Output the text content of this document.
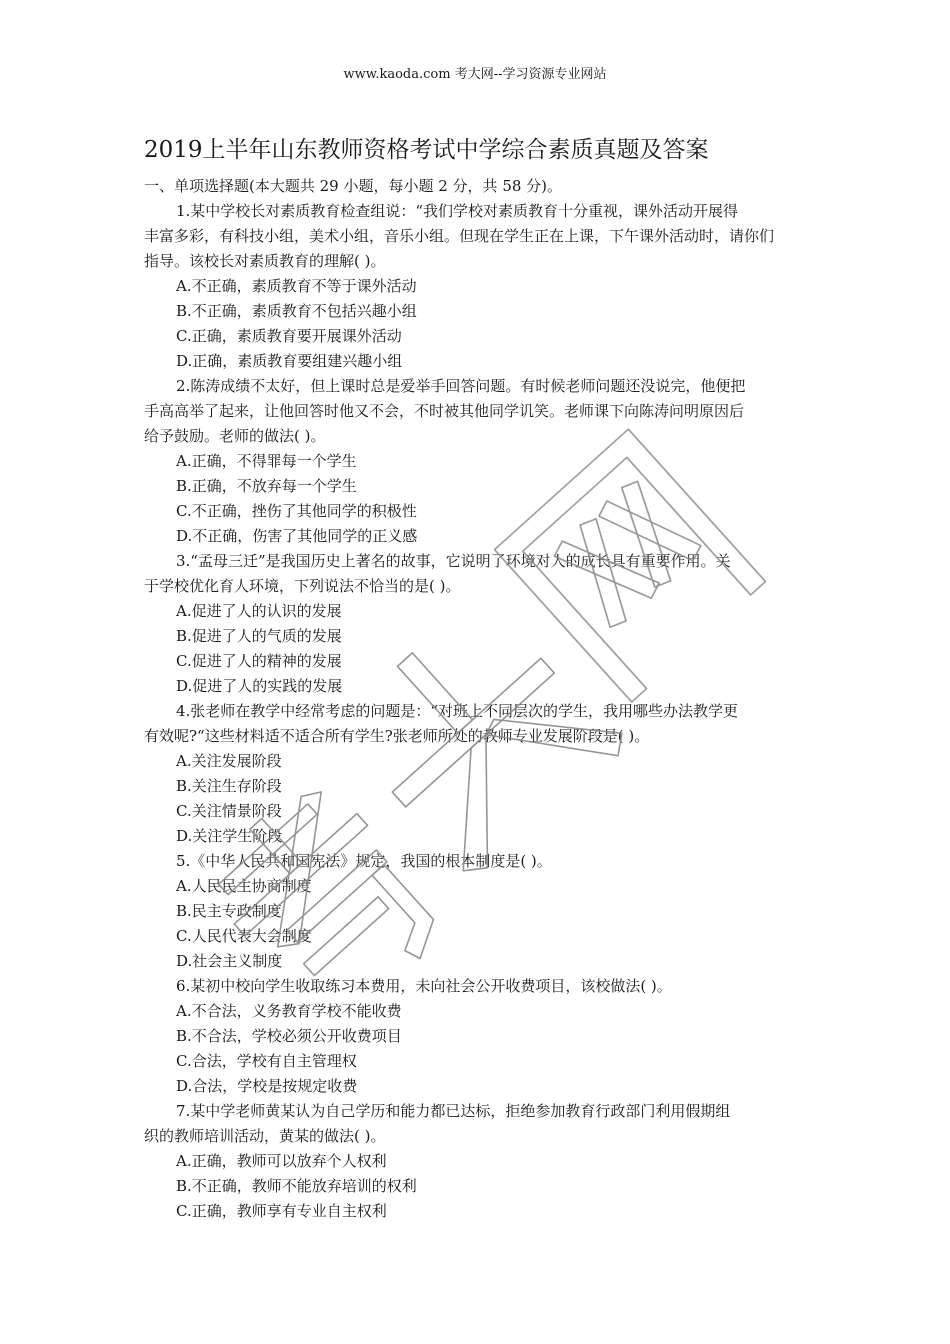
www.kaoda.com 考大网--学习资源专业网站
2019上半年山东教师资格考试中学综合素质真题及答案
一、单项选择题(本大题共 29 小题，每小题 2 分，共 58 分)。
1.某中学校长对素质教育检查组说：“我们学校对素质教育十分重视，课外活动开展得
丰富多彩，有科技小组，美术小组，音乐小组。但现在学生正在上课，下午课外活动时，请你们
指导。该校长对素质教育的理解( )。
A.不正确，素质教育不等于课外活动
B.不正确，素质教育不包括兴趣小组
C.正确，素质教育要开展课外活动
D.正确，素质教育要组建兴趣小组
2.陈涛成绩不太好，但上课时总是爱举手回答问题。有时候老师问题还没说完，他便把
手高高举了起来，让他回答时他又不会，不时被其他同学讥笑。老师课下向陈涛问明原因后
给予鼓励。老师的做法( )。
A.正确，不得罪每一个学生
B.正确，不放弃每一个学生
C.不正确，挫伤了其他同学的积极性
D.不正确，伤害了其他同学的正义感
3.“孟母三迁”是我国历史上著名的故事，它说明了环境对人的成长具有重要作用。关
于学校优化育人环境，下列说法不恰当的是( )。
A.促进了人的认识的发展
B.促进了人的气质的发展
C.促进了人的精神的发展
D.促进了人的实践的发展
4.张老师在教学中经常考虑的问题是：“对班上不同层次的学生，我用哪些办法教学更
有效呢?“这些材料适不适合所有学生?张老师所处的教师专业发展阶段是( )。
A.关注发展阶段
B.关注生存阶段
C.关注情景阶段
D.关注学生阶段
5.《中华人民共和国宪法》规定，我国的根本制度是( )。
A.人民民主协商制度
B.民主专政制度
C.人民代表大会制度
D.社会主义制度
6.某初中校向学生收取练习本费用，未向社会公开收费项目，该校做法( )。
A.不合法，义务教育学校不能收费
B.不合法，学校必须公开收费项目
C.合法，学校有自主管理权
D.合法，学校是按规定收费
7.某中学老师黄某认为自己学历和能力都已达标，拒绝参加教育行政部门利用假期组
织的教师培训活动，黄某的做法( )。
A.正确，教师可以放弃个人权利
B.不正确，教师不能放弃培训的权利
C.正确，教师享有专业自主权利
